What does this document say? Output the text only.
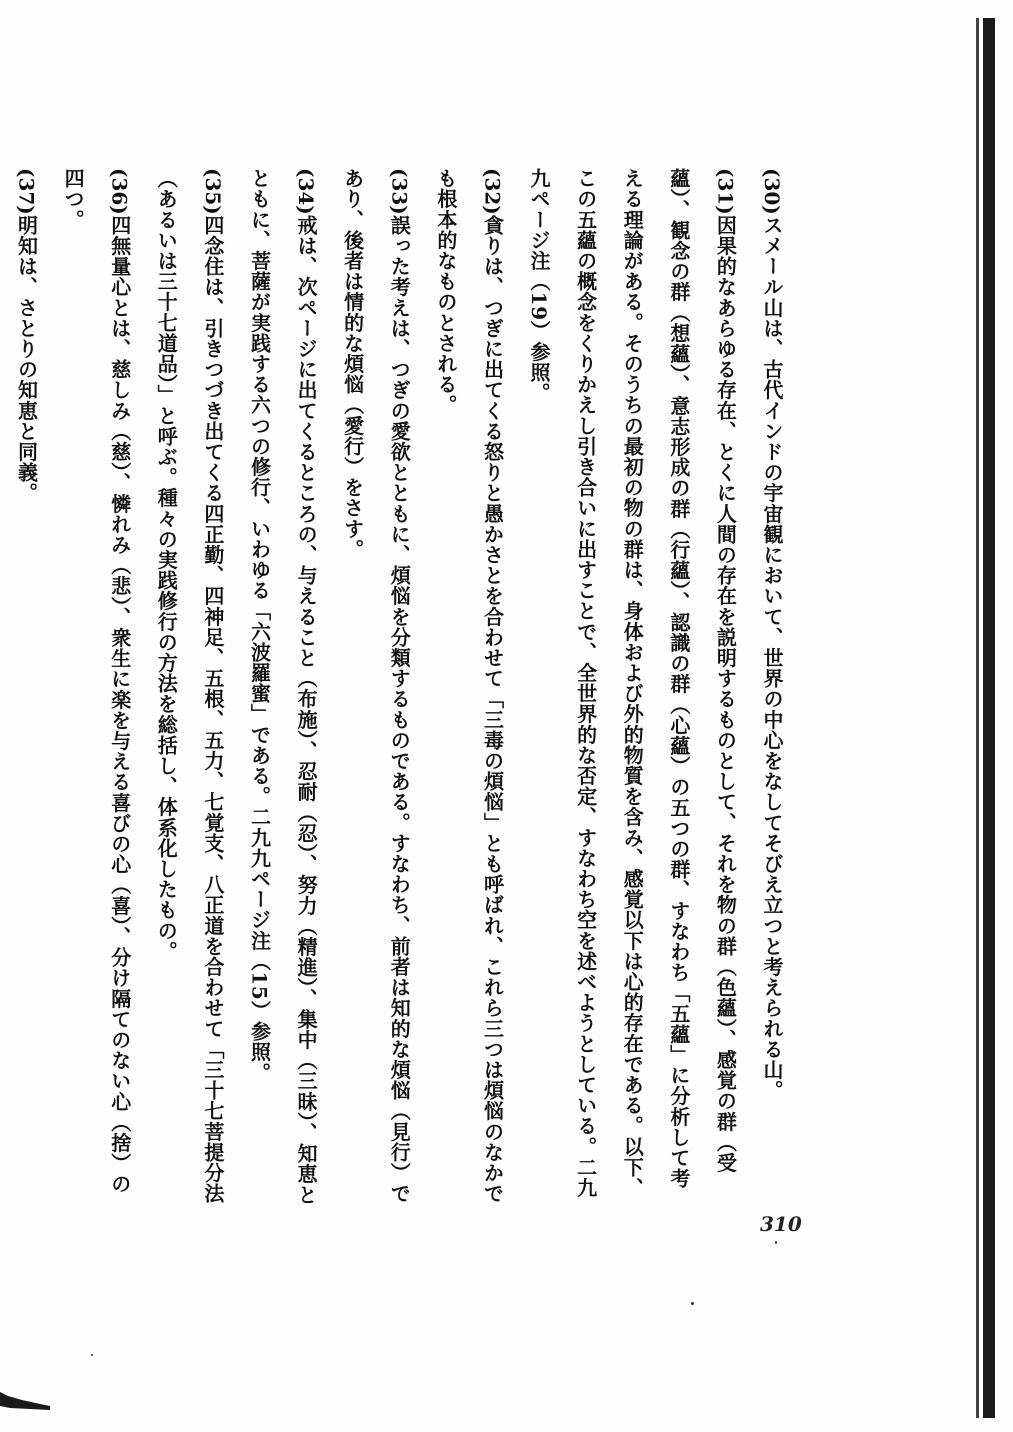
(30)スメール山は、古代インドの宇宙観において、世界の中心をなしてそびえ立つと考えられる山。

(31)因果的なあらゆる存在、とくに人間の存在を説明するものとして、それを物の群（色蘊）、感覚の群（受蘊）、観念の群（想蘊）、意志形成の群（行蘊）、認識の群（心蘊）の五つの群、すなわち「五蘊」に分析して考える理論がある。そのうちの最初の物の群は、身体および外的物質を含み、感覚以下は心的存在である。以下、この五蘊の概念をくりかえし引き合いに出すことで、全世界的な否定、すなわち空を述べようとしている。二九九ページ注（19）参照。

(32)貪りは、つぎに出てくる怒りと愚かさとを合わせて「三毒の煩悩」とも呼ばれ、これら三つは煩悩のなかでも根本的なものとされる。

(33)誤った考えは、つぎの愛欲とともに、煩悩を分類するものである。すなわち、前者は知的な煩悩（見行）であり、後者は情的な煩悩（愛行）をさす。

(34)戒は、次ページに出てくるところの、与えること（布施）、忍耐（忍）、努力（精進）、集中（三昧）、知恵とともに、菩薩が実践する六つの修行、いわゆる「六波羅蜜」である。二九九ページ注（15）参照。

(35)四念住は、引きつづき出てくる四正勤、四神足、五根、五力、七覚支、八正道を合わせて「三十七菩提分法（あるいは三十七道品）」と呼ぶ。種々の実践修行の方法を総括し、体系化したもの。

(36)四無量心とは、慈しみ（慈）、憐れみ（悲）、衆生に楽を与える喜びの心（喜）、分け隔てのない心（捨）の四つ。

(37)明知は、さとりの知恵と同義。

310
